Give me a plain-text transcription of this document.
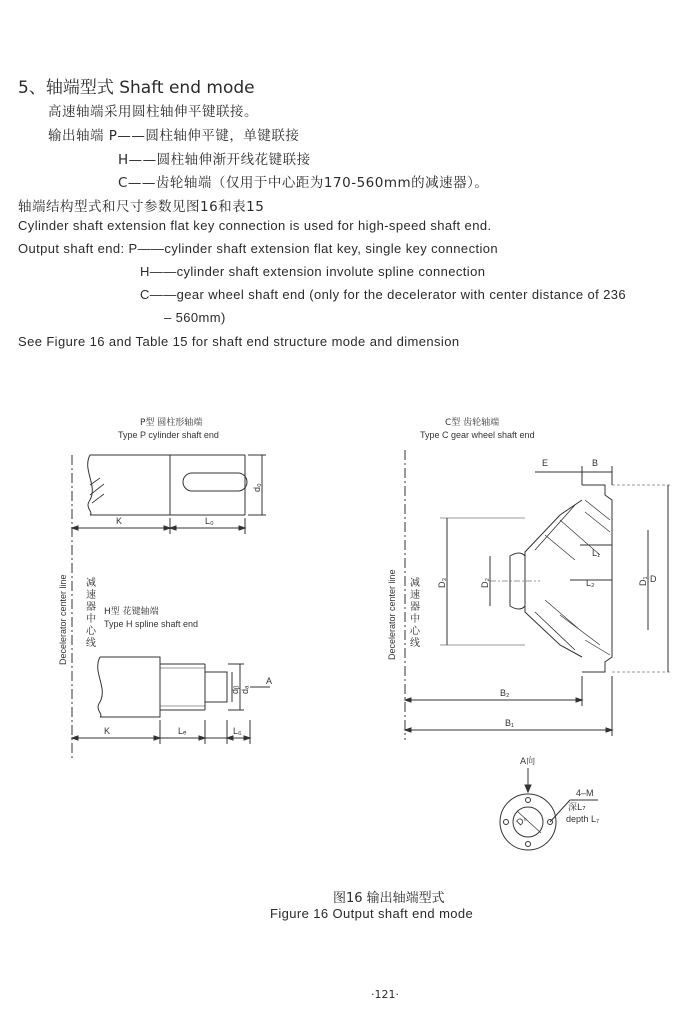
5、轴端型式 Shaft end mode
高速轴端采用圆柱轴伸平键联接。
输出轴端 P——圆柱轴伸平键，单键联接
H——圆柱轴伸渐开线花键联接
C——齿轮轴端（仅用于中心距为170-560mm的减速器）。
轴端结构型式和尺寸参数见图16和表15
Cylinder shaft extension flat key connection is used for high-speed shaft end.
Output shaft end: P——cylinder shaft extension flat key, single key connection
H——cylinder shaft extension involute spline connection
C——gear wheel shaft end (only for the decelerator with center distance of 236
– 560mm)
See Figure 16 and Table 15 for shaft end structure mode and dimension
P型 圆柱形轴端
Type P cylinder shaft end
C型 齿轮轴端
Type C gear wheel shaft end
H型 花键轴端
Type H spline shaft end
Decelerator center line	Decelerator center line
K	L₀
d₀
K	Lₑ	L₆
dᵦ dₐ
A
E	B
L₁
L₂
D₃	D₂	D₁ D
B₂
B₁
A向
D₄
4–M
深L₇
depth L₇
减速器中心线
减速器中心线
图16 输出轴端型式
Figure 16 Output shaft end mode
·121·
